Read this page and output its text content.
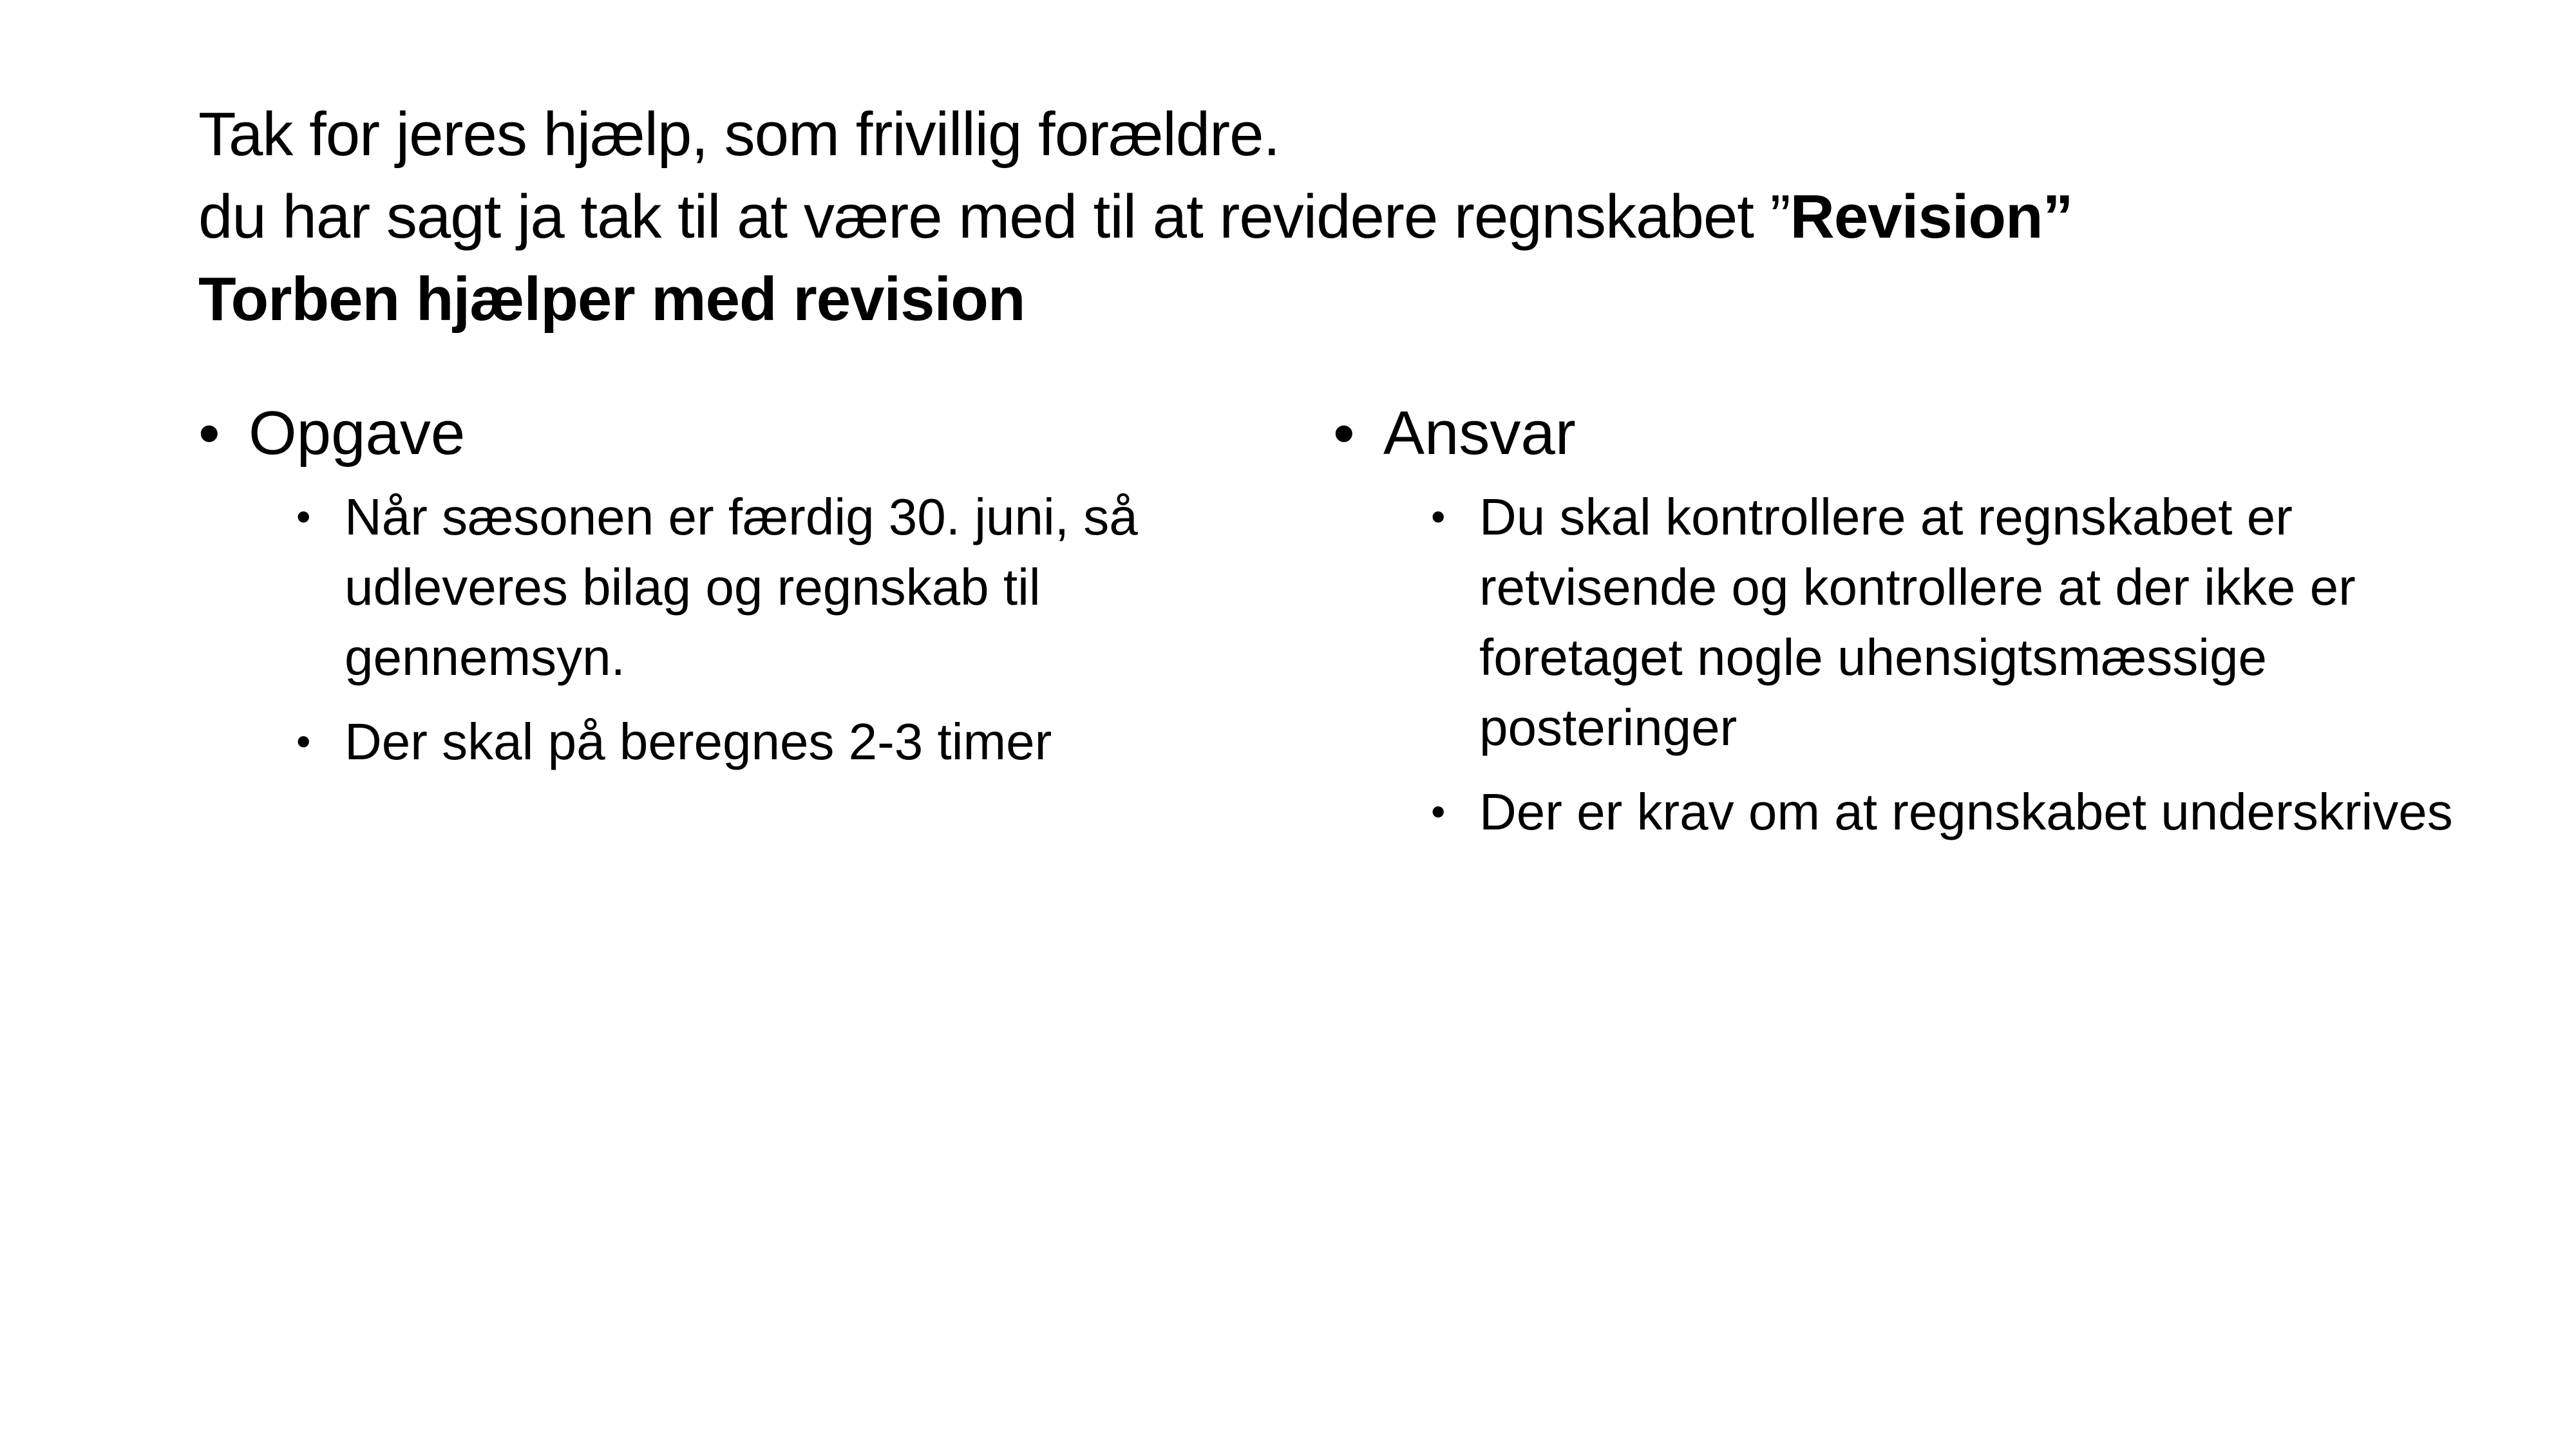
Tak for jeres hjælp, som frivillig forældre.
du har sagt ja tak til at være med til at revidere regnskabet ”Revision”
Torben hjælper med revision
• Opgave
• Når sæsonen er færdig 30. juni, så udleveres bilag og regnskab til gennemsyn.
• Der skal på beregnes 2-3 timer
• Ansvar
• Du skal kontrollere at regnskabet er retvisende og kontrollere at der ikke er foretaget nogle uhensigtsmæssige posteringer
• Der er krav om at regnskabet underskrives
